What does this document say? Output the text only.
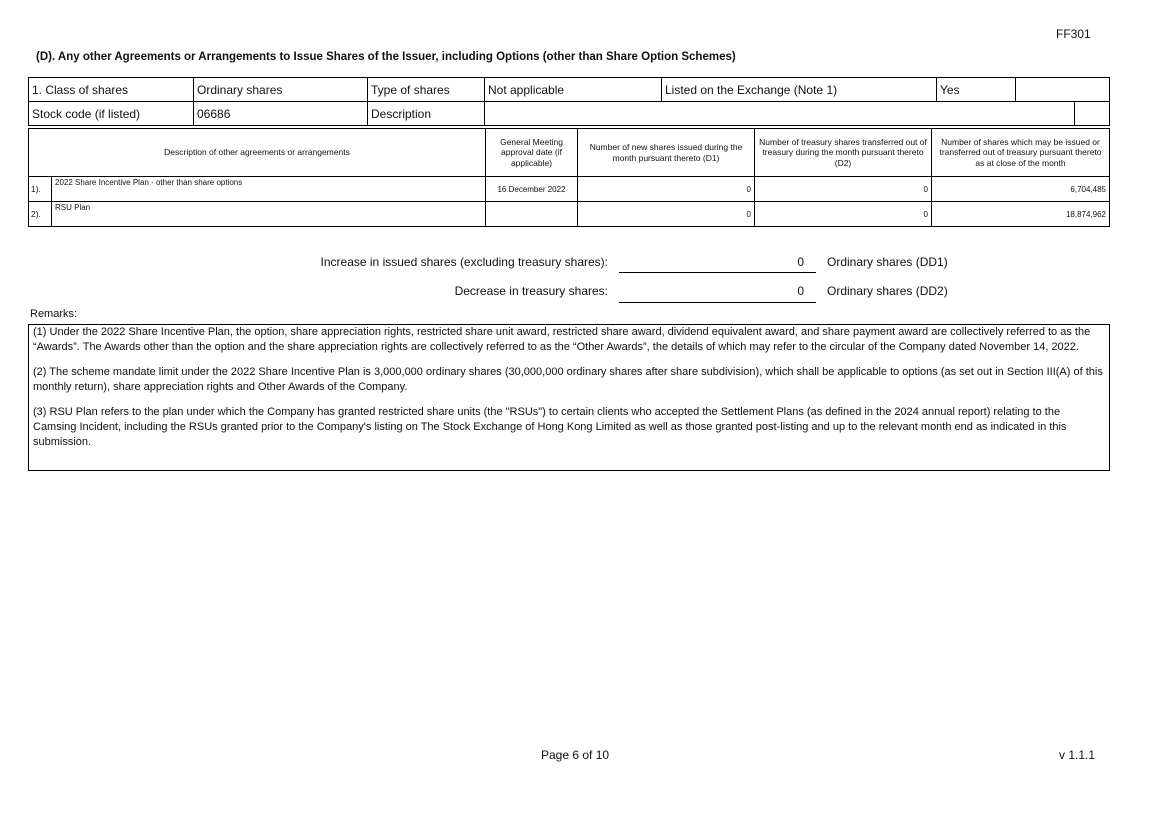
FF301
(D). Any other Agreements or Arrangements to Issue Shares of the Issuer, including Options (other than Share Option Schemes)
1. Class of shares	Ordinary shares	Type of shares	Not applicable	Listed on the Exchange (Note 1)	Yes		
Stock code (if listed)	06686	Description					
Description of other agreements or arrangements		General Meeting approval date (if applicable)	Number of new shares issued during the month pursuant thereto (D1)	Number of treasury shares transferred out of treasury during the month pursuant thereto (D2)	Number of shares which may be issued or transferred out of treasury pursuant thereto as at close of the month
1).	2022 Share Incentive Plan - other than share options	16 December 2022	0	0	6,704,485
2).	RSU Plan		0	0	18,874,962
Increase in issued shares (excluding treasury shares):	0 Ordinary shares (DD1)
Decrease in treasury shares:	0 Ordinary shares (DD2)
Remarks:

(1) Under the 2022 Share Incentive Plan, the option, share appreciation rights, restricted share unit award, restricted share award, dividend equivalent award, and share payment award are collectively referred to as the “Awards”. The Awards other than the option and the share appreciation rights are collectively referred to as the “Other Awards”, the details of which may refer to the circular of the Company dated November 14, 2022.

(2) The scheme mandate limit under the 2022 Share Incentive Plan is 3,000,000 ordinary shares (30,000,000 ordinary shares after share subdivision), which shall be applicable to options (as set out in Section III(A) of this monthly return), share appreciation rights and Other Awards of the Company.

(3) RSU Plan refers to the plan under which the Company has granted restricted share units (the "RSUs") to certain clients who accepted the Settlement Plans (as defined in the 2024 annual report) relating to the Camsing Incident, including the RSUs granted prior to the Company's listing on The Stock Exchange of Hong Kong Limited as well as those granted post-listing and up to the relevant month end as indicated in this submission.

Page 6 of 10	v 1.1.1
